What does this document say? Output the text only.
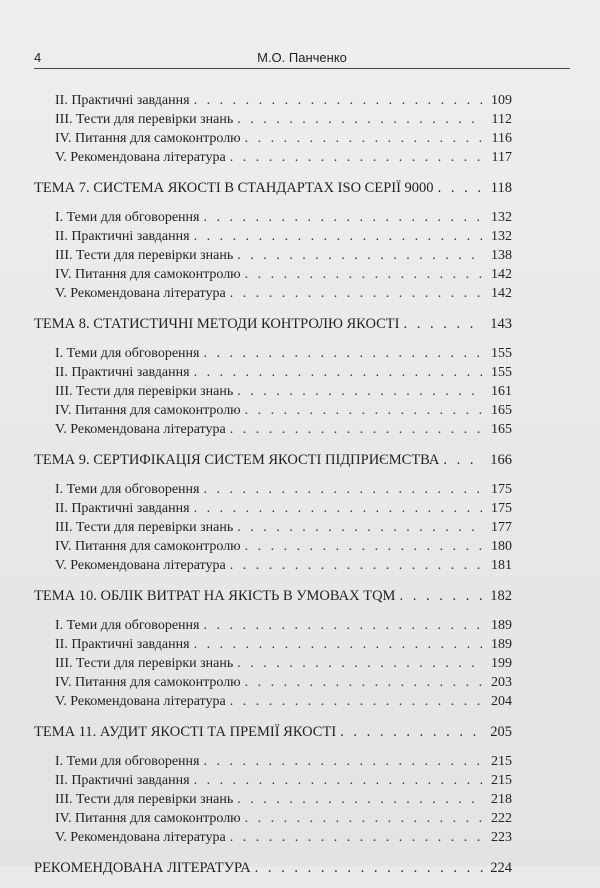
4	М.О. Панченко
II. Практичні завдання . . .	109
III. Тести для перевірки знань . . .	112
IV. Питання для самоконтролю . . .	116
V. Рекомендована література . . .	117
ТЕМА 7. СИСТЕМА ЯКОСТІ В СТАНДАРТАХ ISO СЕРІЇ 9000 . . .	118
I. Теми для обговорення . . .	132
II. Практичні завдання . . .	132
III. Тести для перевірки знань . . .	138
IV. Питання для самоконтролю . . .	142
V. Рекомендована література . . .	142
ТЕМА 8. СТАТИСТИЧНІ МЕТОДИ КОНТРОЛЮ ЯКОСТІ . . .	143
I. Теми для обговорення . . .	155
II. Практичні завдання . . .	155
III. Тести для перевірки знань . . .	161
IV. Питання для самоконтролю . . .	165
V. Рекомендована література . . .	165
ТЕМА 9. СЕРТИФІКАЦІЯ СИСТЕМ ЯКОСТІ ПІДПРИЄМСТВА . . .	166
I. Теми для обговорення . . .	175
II. Практичні завдання . . .	175
III. Тести для перевірки знань . . .	177
IV. Питання для самоконтролю . . .	180
V. Рекомендована література . . .	181
ТЕМА 10. ОБЛІК ВИТРАТ НА ЯКІСТЬ В УМОВАХ TQM . . .	182
I. Теми для обговорення . . .	189
II. Практичні завдання . . .	189
III. Тести для перевірки знань . . .	199
IV. Питання для самоконтролю . . .	203
V. Рекомендована література . . .	204
ТЕМА 11. АУДИТ ЯКОСТІ ТА ПРЕМІЇ ЯКОСТІ . . .	205
I. Теми для обговорення . . .	215
II. Практичні завдання . . .	215
III. Тести для перевірки знань . . .	218
IV. Питання для самоконтролю . . .	222
V. Рекомендована література . . .	223
РЕКОМЕНДОВАНА ЛІТЕРАТУРА . . .	224
